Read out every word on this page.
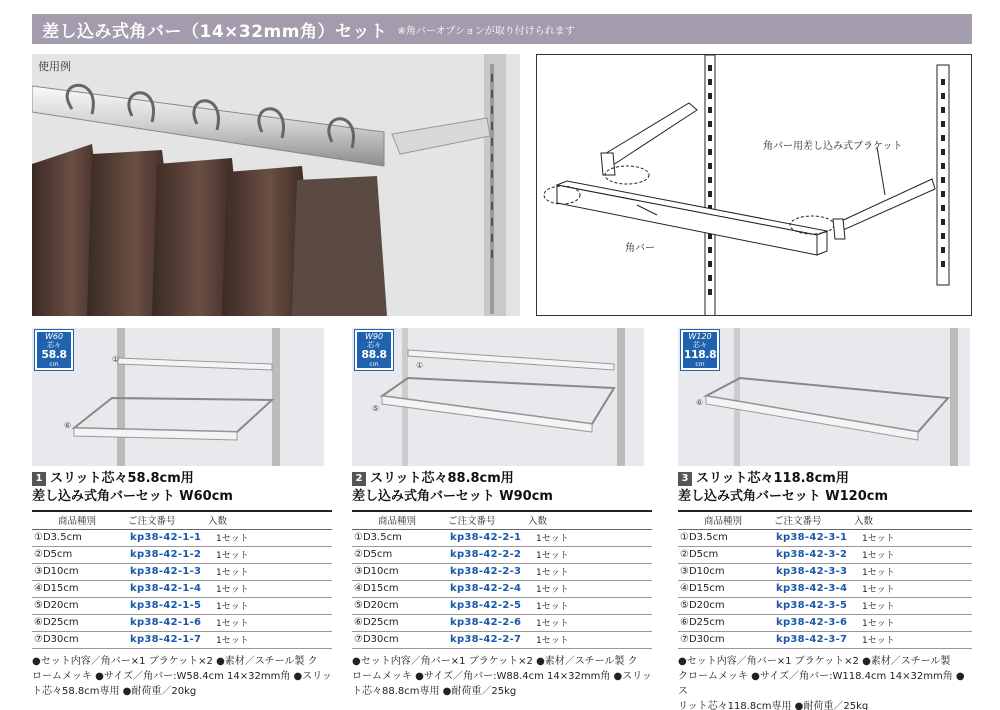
差し込み式角バー（14×32mm角）セット ※角バーオプションが取り付けられます
使用例
角バー用差し込み式ブラケット
角バー
W60
芯々
58.8
cm
①
⑥
W90
芯々
88.8
cm	①
⑤
W120
芯々
118.8
cm
⑥
1 スリット芯々58.8cm用
差し込み式角バーセット W60cm
2 スリット芯々88.8cm用
差し込み式角バーセット W90cm
3 スリット芯々118.8cm用
差し込み式角バーセット W120cm
商品種別	ご注文番号	入数
①D3.5cm	kp38-42-1-1	1セット
②D5cm	kp38-42-1-2	1セット
③D10cm	kp38-42-1-3	1セット
④D15cm	kp38-42-1-4	1セット
⑤D20cm	kp38-42-1-5	1セット
⑥D25cm	kp38-42-1-6	1セット
⑦D30cm	kp38-42-1-7	1セット
商品種別	ご注文番号	入数
①D3.5cm	kp38-42-2-1	1セット
②D5cm	kp38-42-2-2	1セット
③D10cm	kp38-42-2-3	1セット
④D15cm	kp38-42-2-4	1セット
⑤D20cm	kp38-42-2-5	1セット
⑥D25cm	kp38-42-2-6	1セット
⑦D30cm	kp38-42-2-7	1セット
商品種別	ご注文番号	入数
①D3.5cm	kp38-42-3-1	1セット
②D5cm	kp38-42-3-2	1セット
③D10cm	kp38-42-3-3	1セット
④D15cm	kp38-42-3-4	1セット
⑤D20cm	kp38-42-3-5	1セット
⑥D25cm	kp38-42-3-6	1セット
⑦D30cm	kp38-42-3-7	1セット
●セット内容／角バー×1 ブラケット×2 ●素材／スチール製 ク
ロームメッキ ●サイズ／角バー:W58.4cm 14×32mm角 ●スリッ
ト芯々58.8cm専用 ●耐荷重／20kg
●セット内容／角バー×1 ブラケット×2 ●素材／スチール製 ク
ロームメッキ ●サイズ／角バー:W88.4cm 14×32mm角 ●スリッ
ト芯々88.8cm専用 ●耐荷重／25kg
●セット内容／角バー×1 ブラケット×2 ●素材／スチール製
クロームメッキ ●サイズ／角バー:W118.4cm 14×32mm角 ●ス
リット芯々118.8cm専用 ●耐荷重／25kg
